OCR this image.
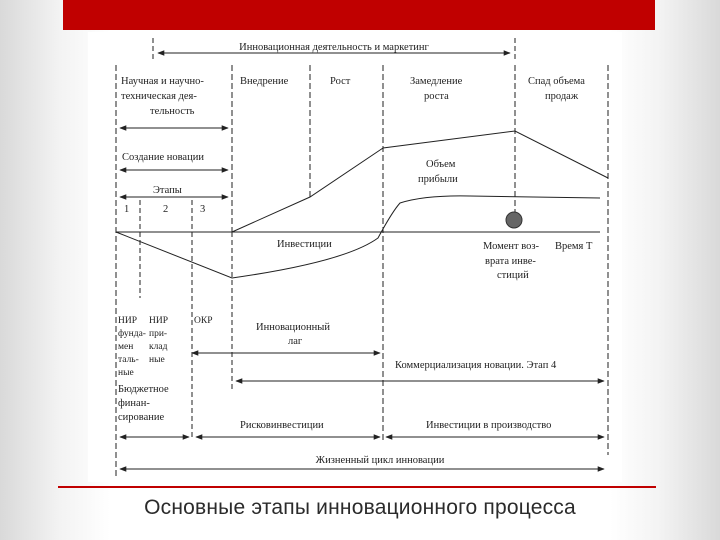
Инновационная деятельность и маркетинг
Научная и научно-
техническая дея-
тельность
Внедрение	Рост	Замедление
роста
Спад объема
продаж
Создание новации
Этапы
1	2	3
Объем
прибыли
Инвестиции	Время T
Момент воз-
врата инве-
стиций
НИР
фунда-
мен
таль-
ные
НИР
при-
клад
ные
ОКР
Инновационный
лаг
Коммерциализация новации. Этап 4
Бюджетное
финан-
сирование
Рисковинвестиции	Инвестиции в производство
Жизненный цикл инновации
Основные этапы инновационного процесса
